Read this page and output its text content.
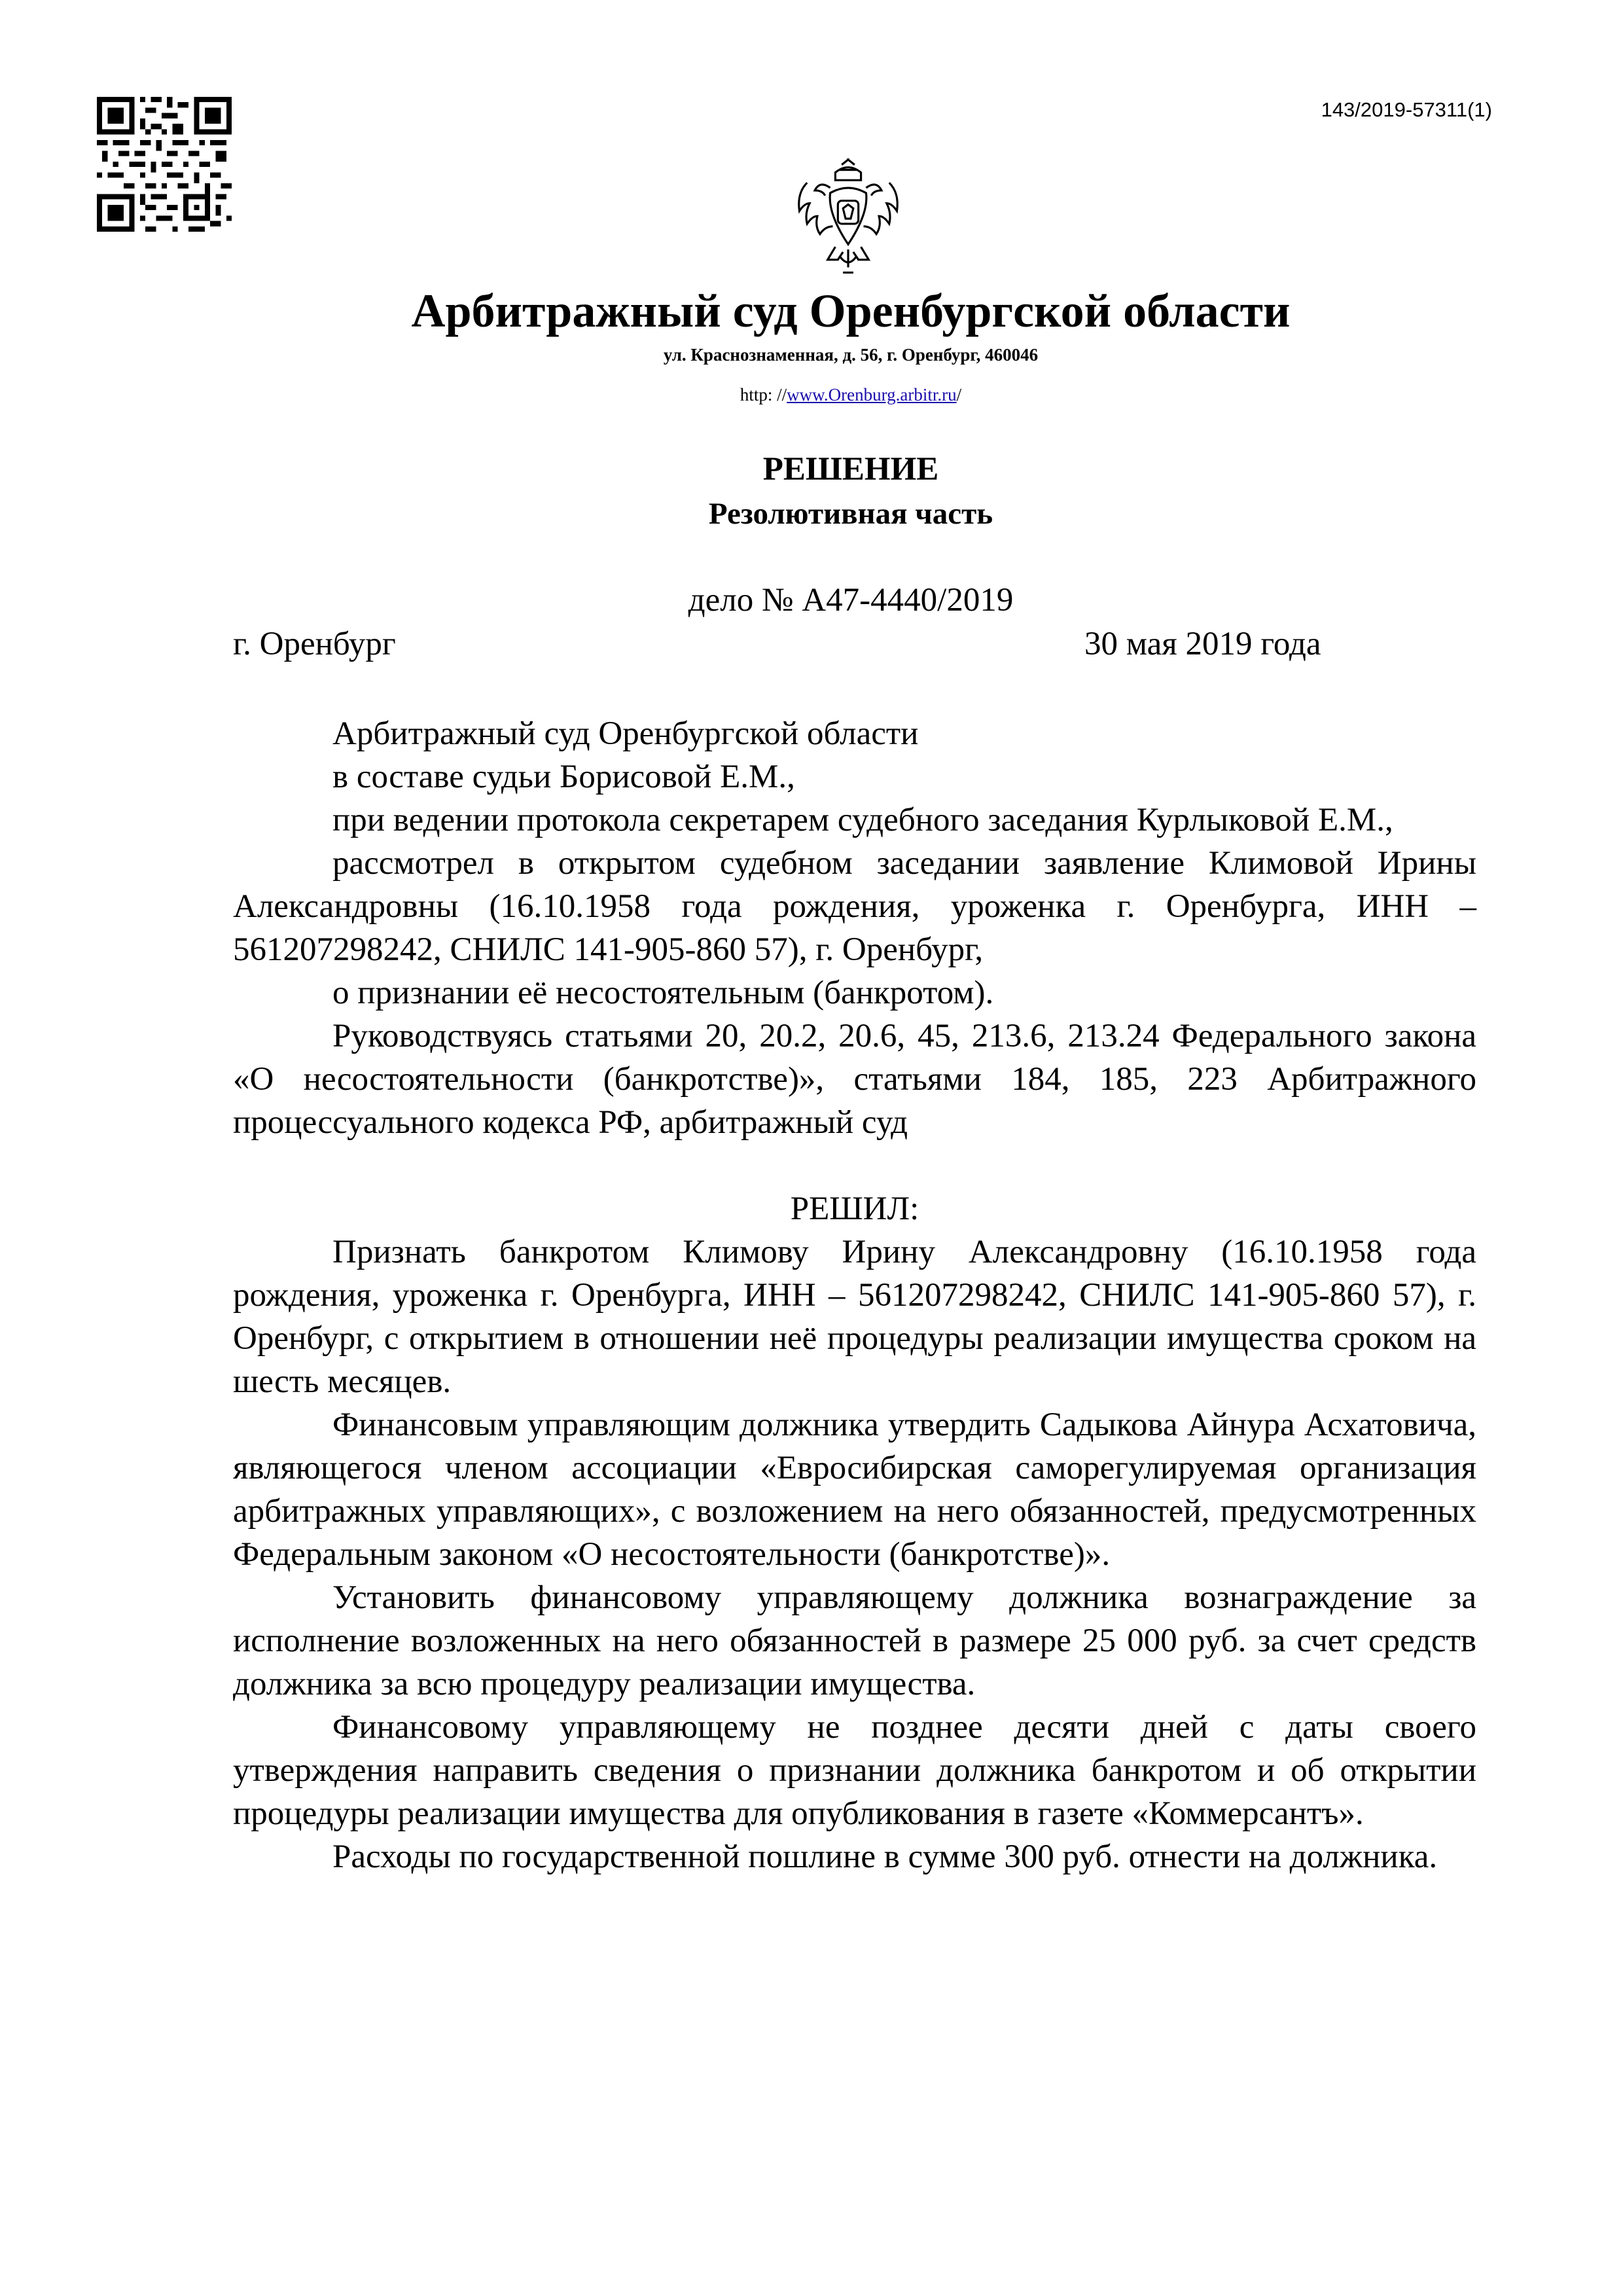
143/2019-57311(1)
Арбитражный суд Оренбургской области
ул. Краснознаменная, д. 56, г. Оренбург, 460046
http: //www.Orenburg.arbitr.ru/
РЕШЕНИЕ
Резолютивная часть
дело № А47-4440/2019
г. Оренбург	30 мая 2019 года

Арбитражный суд Оренбургской области

в составе судьи Борисовой Е.М.,

при ведении протокола секретарем судебного заседания Курлыковой Е.М.,

рассмотрел в открытом судебном заседании заявление Климовой Ирины Александровны (16.10.1958 года рождения, уроженка г. Оренбурга, ИНН – 561207298242, СНИЛС 141-905-860 57), г. Оренбург,

о признании её несостоятельным (банкротом).

Руководствуясь статьями 20, 20.2, 20.6, 45, 213.6, 213.24 Федерального закона «О несостоятельности (банкротстве)», статьями 184, 185, 223 Арбитражного процессуального кодекса РФ, арбитражный суд

РЕШИЛ:

Признать банкротом Климову Ирину Александровну (16.10.1958 года рождения, уроженка г. Оренбурга, ИНН – 561207298242, СНИЛС 141-905-860 57), г. Оренбург, с открытием в отношении неё процедуры реализации имущества сроком на шесть месяцев.

Финансовым управляющим должника утвердить Садыкова Айнура Асхатовича, являющегося членом ассоциации «Евросибирская саморегулируемая организация арбитражных управляющих», с возложением на него обязанностей, предусмотренных Федеральным законом «О несостоятельности (банкротстве)».

Установить финансовому управляющему должника вознаграждение за исполнение возложенных на него обязанностей в размере 25 000 руб. за счет средств должника за всю процедуру реализации имущества.

Финансовому управляющему не позднее десяти дней с даты своего утверждения направить сведения о признании должника банкротом и об открытии процедуры реализации имущества для опубликования в газете «Коммерсантъ».

Расходы по государственной пошлине в сумме 300 руб. отнести на должника.
